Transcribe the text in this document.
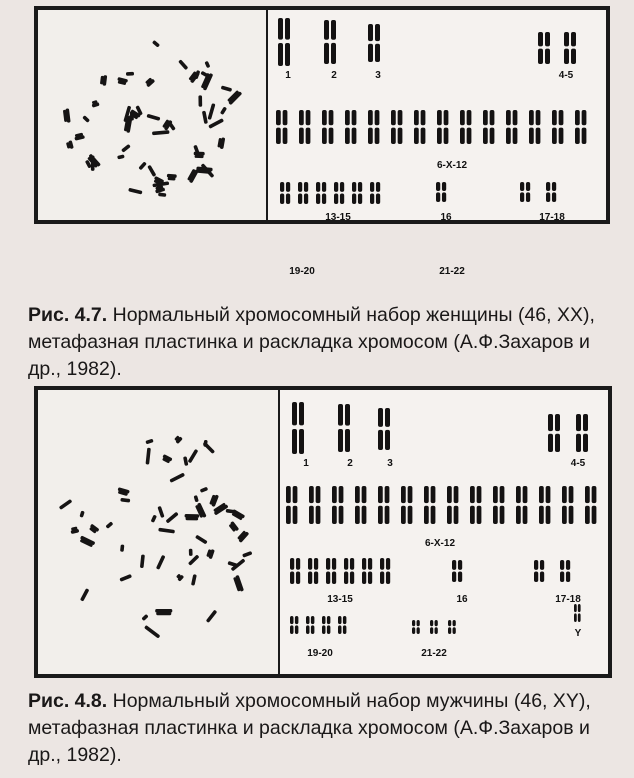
1	2	3	4-5
6-X-12
13-15	16	17-18
19-20	21-22
Рис. 4.7. Нормальный хромосомный набор женщины (46, XX), метафазная пластинка и раскладка хромосом (А.Ф.Захаров и др., 1982).
1	2	3	4-5
6-X-12
13-15	16	17-18
19-20	21-22
Y
Рис. 4.8. Нормальный хромосомный набор мужчины (46, XY), метафазная пластинка и раскладка хромосом (А.Ф.Захаров и др., 1982).
